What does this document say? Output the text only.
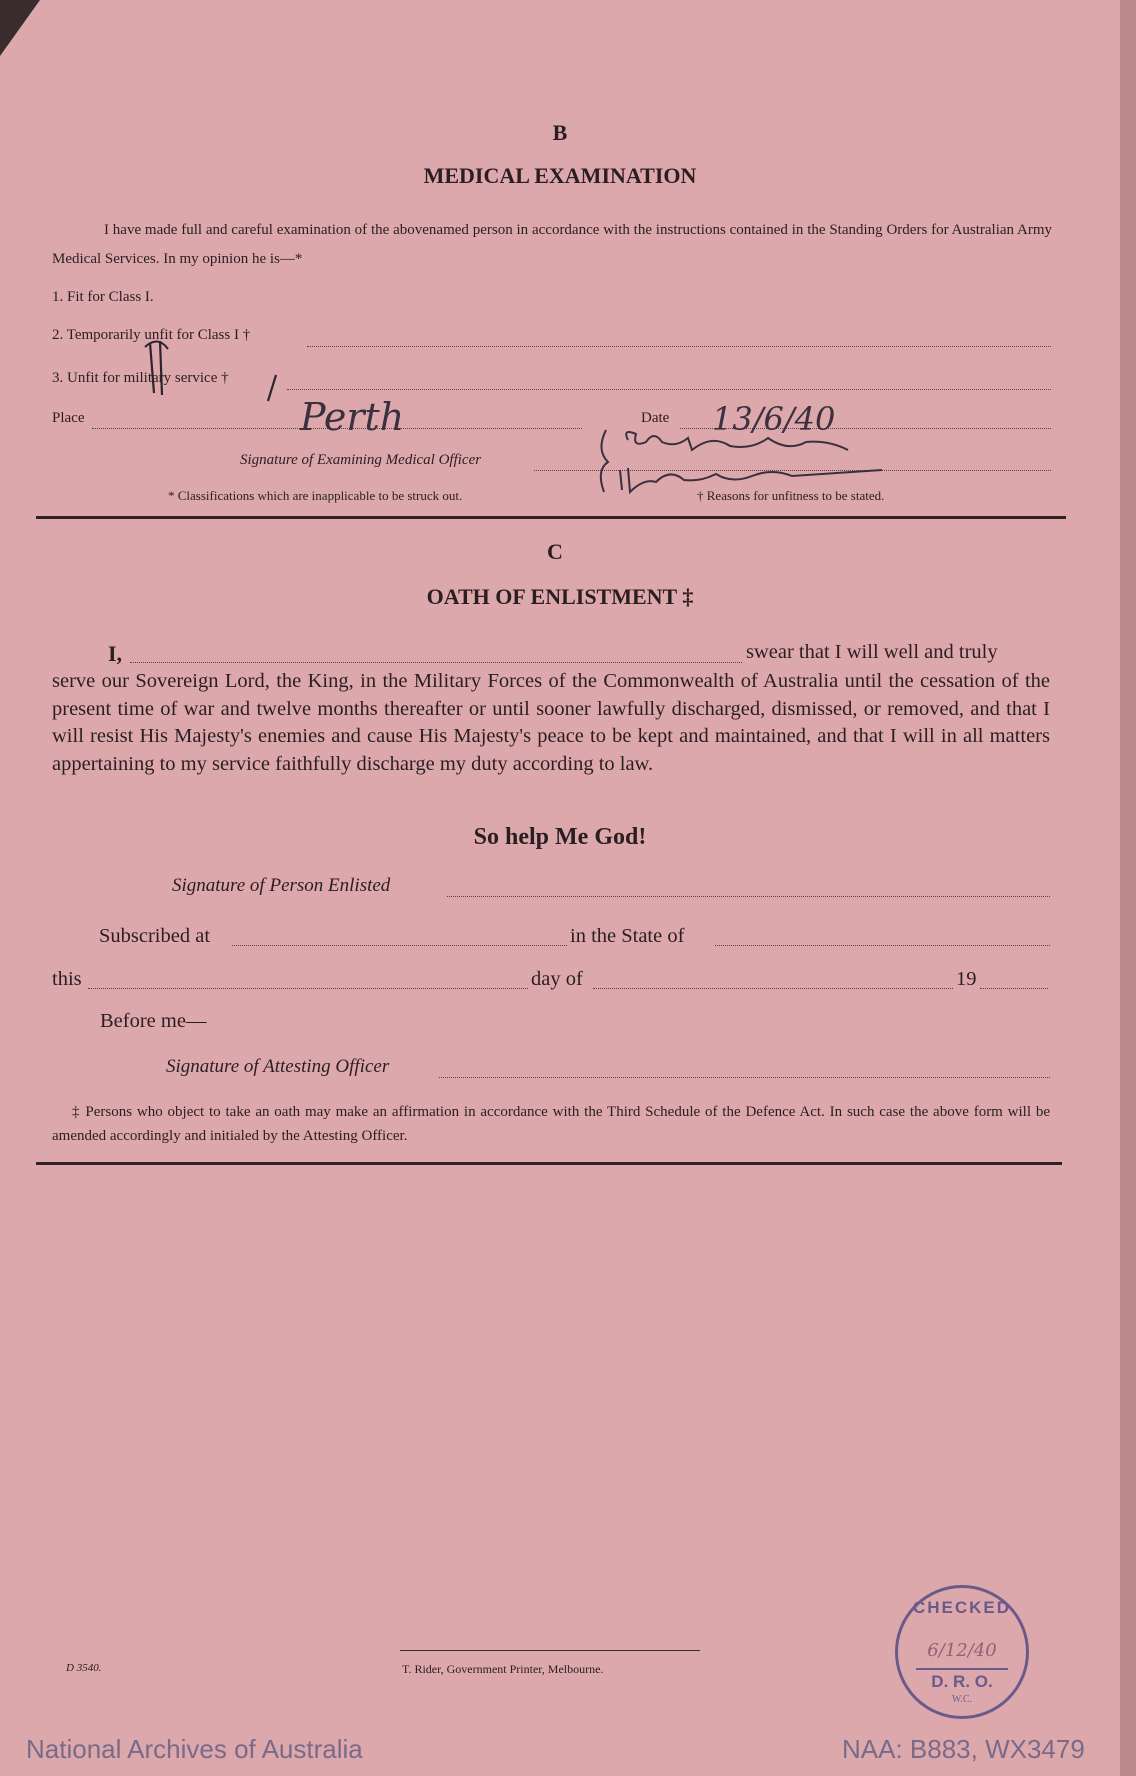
B
MEDICAL EXAMINATION
I have made full and careful examination of the abovenamed person in accordance with the instructions contained in the Standing Orders for Australian Army Medical Services. In my opinion he is—*
1. Fit for Class I.
2. Temporarily unfit for Class I †
3. Unfit for military service †
Place	Perth	Date 13/6/40
Signature of Examining Medical Officer
* Classifications which are inapplicable to be struck out.	† Reasons for unfitness to be stated.
C
OATH OF ENLISTMENT ‡
I,	swear that I will well and truly
serve our Sovereign Lord, the King, in the Military Forces of the Commonwealth of Australia until the cessation of the present time of war and twelve months thereafter or until sooner lawfully discharged, dismissed, or removed, and that I will resist His Majesty's enemies and cause His Majesty's peace to be kept and maintained, and that I will in all matters appertaining to my service faithfully discharge my duty according to law.
So help Me God!
Signature of Person Enlisted
Subscribed at	in the State of
this	day of	19
Before me—
Signature of Attesting Officer
‡ Persons who object to take an oath may make an affirmation in accordance with the Third Schedule of the Defence Act. In such case the above form will be amended accordingly and initialed by the Attesting Officer.
D 3540.	T. Rider, Government Printer, Melbourne.
CHECKED
6/12/40
D. R. O.
W.C.
National Archives of Australia	NAA: B883, WX3479
